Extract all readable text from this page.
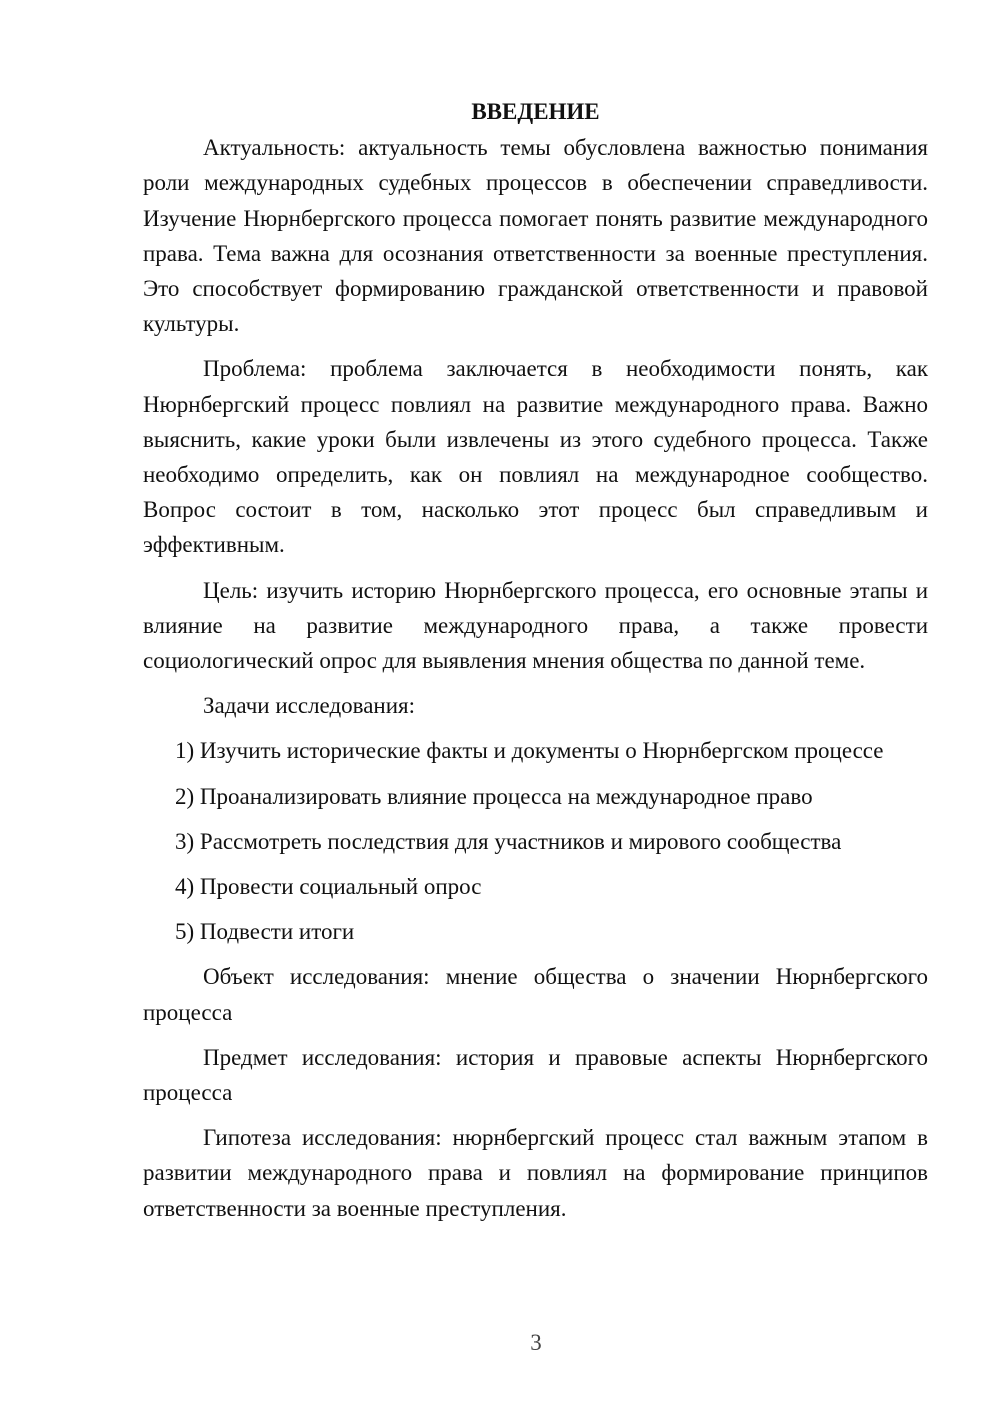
ВВЕДЕНИЕ

Актуальность: актуальность темы обусловлена важностью понимания роли международных судебных процессов в обеспечении справедливости. Изучение Нюрнбергского процесса помогает понять развитие международного права. Тема важна для осознания ответственности за военные преступления. Это способствует формированию гражданской ответственности и правовой культуры.

Проблема: проблема заключается в необходимости понять, как Нюрнбергский процесс повлиял на развитие международного права. Важно выяснить, какие уроки были извлечены из этого судебного процесса. Также необходимо определить, как он повлиял на международное сообщество. Вопрос состоит в том, насколько этот процесс был справедливым и эффективным.

Цель: изучить историю Нюрнбергского процесса, его основные этапы и влияние на развитие международного права, а также провести социологический опрос для выявления мнения общества по данной теме.

Задачи исследования:

1) Изучить исторические факты и документы о Нюрнбергском процессе

2) Проанализировать влияние процесса на международное право

3) Рассмотреть последствия для участников и мирового сообщества

4) Провести социальный опрос

5) Подвести итоги

Объект исследования: мнение общества о значении Нюрнбергского процесса

Предмет исследования: история и правовые аспекты Нюрнбергского процесса

Гипотеза исследования: нюрнбергский процесс стал важным этапом в развитии международного права и повлиял на формирование принципов ответственности за военные преступления.

3
